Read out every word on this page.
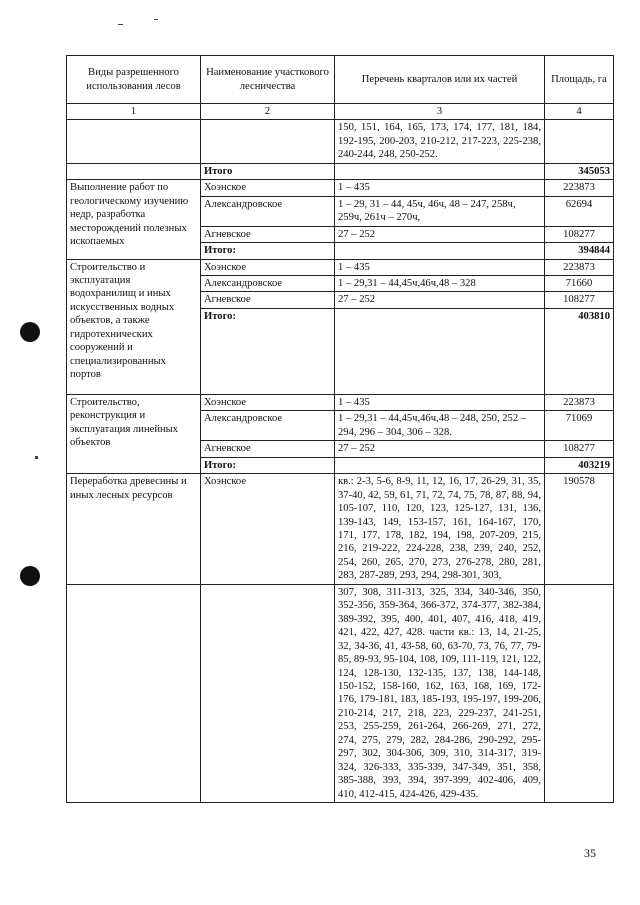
Виды разрешенного использования лесов	Наименование участкового лесничества	Перечень кварталов или их частей	Площадь, га
1	2	3	4
		150, 151, 164, 165, 173, 174, 177, 181, 184, 192-195, 200-203, 210-212, 217-223, 225-238, 240-244, 248, 250-252.	
	Итого		345053
Выполнение работ по геологическому изучению недр, разработка месторождений полезных ископаемых	Хоэнское	1 – 435	223873
	Александровское	1 – 29, 31 – 44, 45ч, 46ч, 48 – 247, 258ч, 259ч, 261ч – 270ч,	62694
	Агневское	27 – 252	108277
	Итого:		394844
Строительство и эксплуатация водохранилищ и иных искусственных водных объектов, а также гидротехнических сооружений и специализированных портов	Хоэнское	1 – 435	223873
	Александровское	1 – 29,31 – 44,45ч,46ч,48 – 328	71660
	Агневское	27 – 252	108277
	Итого:		403810
Строительство, реконструкция и эксплуатация линейных объектов	Хоэнское	1 – 435	223873
	Александровское	1 – 29,31 – 44,45ч,46ч,48 – 248, 250, 252 – 294, 296 – 304, 306 – 328.	71069
	Агневское	27 – 252	108277
	Итого:		403219
Переработка древесины и иных лесных ресурсов	Хоэнское	кв.: 2-3, 5-6, 8-9, 11, 12, 16, 17, 26-29, 31, 35, 37-40, 42, 59, 61, 71, 72, 74, 75, 78, 87, 88, 94, 105-107, 110, 120, 123, 125-127, 131, 136, 139-143, 149, 153-157, 161, 164-167, 170, 171, 177, 178, 182, 194, 198, 207-209, 215, 216, 219-222, 224-228, 238, 239, 240, 252, 254, 260, 265, 270, 273, 276-278, 280, 281, 283, 287-289, 293, 294, 298-301, 303,	190578
		307, 308, 311-313, 325, 334, 340-346, 350, 352-356, 359-364, 366-372, 374-377, 382-384, 389-392, 395, 400, 401, 407, 416, 418, 419, 421, 422, 427, 428. части кв.: 13, 14, 21-25, 32, 34-36, 41, 43-58, 60, 63-70, 73, 76, 77, 79-85, 89-93, 95-104, 108, 109, 111-119, 121, 122, 124, 128-130, 132-135, 137, 138, 144-148, 150-152, 158-160, 162, 163, 168, 169, 172-176, 179-181, 183, 185-193, 195-197, 199-206, 210-214, 217, 218, 223, 229-237, 241-251, 253, 255-259, 261-264, 266-269, 271, 272, 274, 275, 279, 282, 284-286, 290-292, 295-297, 302, 304-306, 309, 310, 314-317, 319-324, 326-333, 335-339, 347-349, 351, 358, 385-388, 393, 394, 397-399, 402-406, 409, 410, 412-415, 424-426, 429-435.	
35
